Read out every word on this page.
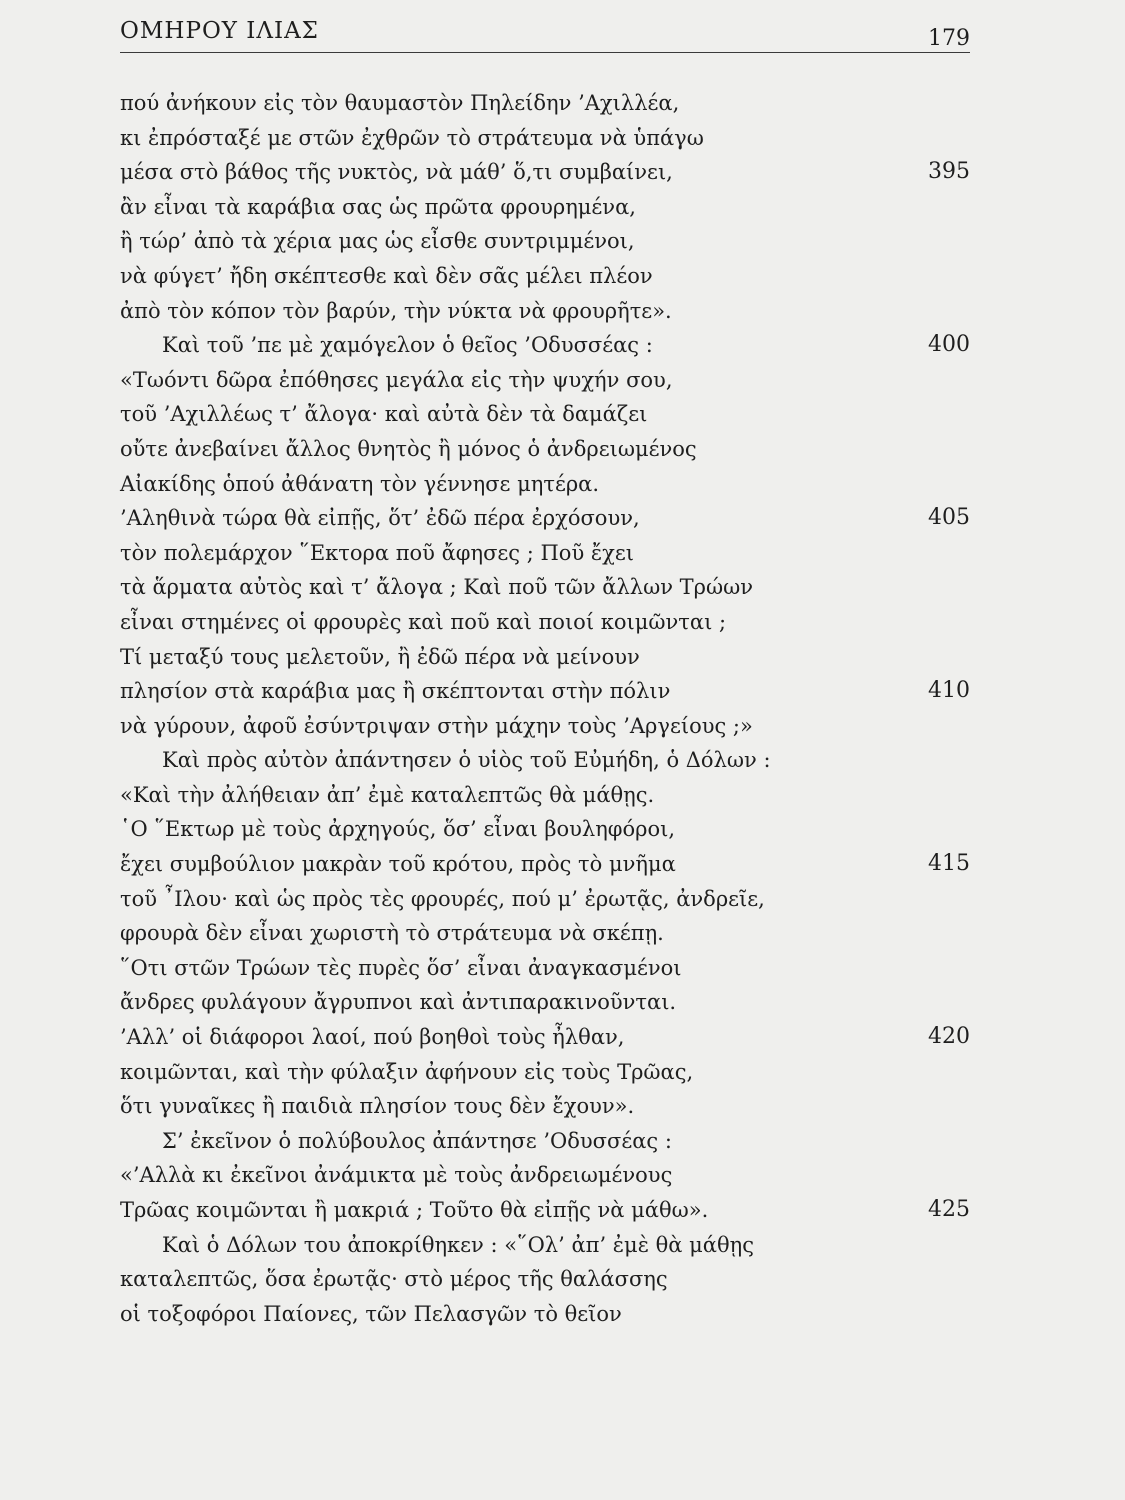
ΟΜΗΡΟΥ ΙΛΙΑΣ	179
πού ἀνήκουν εἰς τὸν θαυμαστὸν Πηλείδην ’Αχιλλέα,
κι ἐπρόσταξέ με στῶν ἐχθρῶν τὸ στράτευμα νὰ ὑπάγω
μέσα στὸ βάθος τῆς νυκτὸς, νὰ μάθ’ ὅ,τι συμβαίνει,	395
ἂν εἶναι τὰ καράβια σας ὡς πρῶτα φρουρημένα,
ἢ τώρ’ ἀπὸ τὰ χέρια μας ὡς εἶσθε συντριμμένοι,
νὰ φύγετ’ ἤδη σκέπτεσθε καὶ δὲν σᾶς μέλει πλέον
ἀπὸ τὸν κόπον τὸν βαρύν, τὴν νύκτα νὰ φρουρῆτε».
Καὶ τοῦ ’πε μὲ χαμόγελον ὁ θεῖος ’Οδυσσέας :	400
«Τωόντι δῶρα ἐπόθησες μεγάλα εἰς τὴν ψυχήν σου,
τοῦ ’Αχιλλέως τ’ ἄλογα· καὶ αὐτὰ δὲν τὰ δαμάζει
οὔτε ἀνεβαίνει ἄλλος θνητὸς ἢ μόνος ὁ ἀνδρειωμένος
Αἰακίδης ὁπού ἀθάνατη τὸν γέννησε μητέρα.
’Αληθινὰ τώρα θὰ εἰπῇς, ὅτ’ ἐδῶ πέρα ἐρχόσουν,	405
τὸν πολεμάρχον ῞Εκτορα ποῦ ἄφησες ; Ποῦ ἔχει
τὰ ἅρματα αὐτὸς καὶ τ’ ἄλογα ; Καὶ ποῦ τῶν ἄλλων Τρώων
εἶναι στημένες οἱ φρουρὲς καὶ ποῦ καὶ ποιοί κοιμῶνται ;
Τί μεταξύ τους μελετοῦν, ἢ ἐδῶ πέρα νὰ μείνουν
πλησίον στὰ καράβια μας ἢ σκέπτονται στὴν πόλιν	410
νὰ γύρουν, ἀφοῦ ἐσύντριψαν στὴν μάχην τοὺς ’Αργείους ;»
Καὶ πρὸς αὐτὸν ἀπάντησεν ὁ υἱὸς τοῦ Εὐμήδη, ὁ Δόλων :
«Καὶ τὴν ἀλήθειαν ἀπ’ ἐμὲ καταλεπτῶς θὰ μάθῃς.
῾Ο ῞Εκτωρ μὲ τοὺς ἀρχηγούς, ὅσ’ εἶναι βουληφόροι,
ἔχει συμβούλιον μακρὰν τοῦ κρότου, πρὸς τὸ μνῆμα	415
τοῦ ῏Ιλου· καὶ ὡς πρὸς τὲς φρουρές, πού μ’ ἐρωτᾷς, ἀνδρεῖε,
φρουρὰ δὲν εἶναι χωριστὴ τὸ στράτευμα νὰ σκέπῃ.
῞Οτι στῶν Τρώων τὲς πυρὲς ὅσ’ εἶναι ἀναγκασμένοι
ἄνδρες φυλάγουν ἄγρυπνοι καὶ ἀντιπαρακινοῦνται.
’Αλλ’ οἱ διάφοροι λαοί, πού βοηθοὶ τοὺς ἦλθαν,	420
κοιμῶνται, καὶ τὴν φύλαξιν ἀφήνουν εἰς τοὺς Τρῶας,
ὅτι γυναῖκες ἢ παιδιὰ πλησίον τους δὲν ἔχουν».
Σ’ ἐκεῖνον ὁ πολύβουλος ἀπάντησε ’Οδυσσέας :
«’Αλλὰ κι ἐκεῖνοι ἀνάμικτα μὲ τοὺς ἀνδρειωμένους
Τρῶας κοιμῶνται ἢ μακριά ; Τοῦτο θὰ εἰπῇς νὰ μάθω».	425
Καὶ ὁ Δόλων του ἀποκρίθηκεν : «῞Ολ’ ἀπ’ ἐμὲ θὰ μάθῃς
καταλεπτῶς, ὅσα ἐρωτᾷς· στὸ μέρος τῆς θαλάσσης
οἱ τοξοφόροι Παίονες, τῶν Πελασγῶν τὸ θεῖον
